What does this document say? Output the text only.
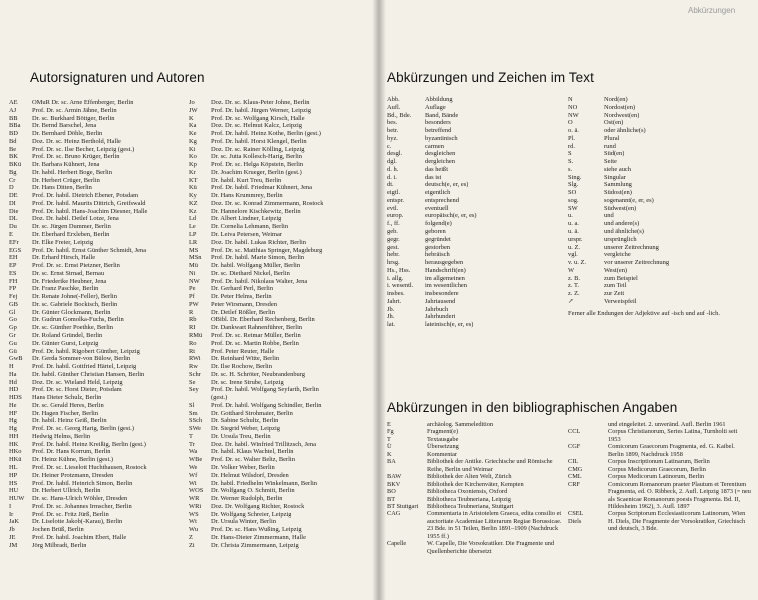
Autorsignaturen und Autoren
AE	OMuR Dr. sc. Arne Effenberger, Berlin
AJ	Prof. Dr. sc. Armin Jähne, Berlin
BB	Dr. sc. Burkhard Böttger, Berlin
BBa	Dr. Bernd Barschel, Jena
BD	Dr. Bernhard Döhle, Berlin
Bd	Doz. Dr. sc. Heinz Berthold, Halle
Be	Prof. Dr. sc. Ilse Becher, Leipzig (gest.)
BK	Prof. Dr. sc. Bruno Krüger, Berlin
BKü	Dr. Barbara Kühnert, Jena
Bg	Dr. habil. Herbert Boge, Berlin
Cr	Dr. Herbert Crüger, Berlin
D	Dr. Hans Ditten, Berlin
DE	Prof. Dr. habil. Dietrich Ebener, Potsdam
DI	Prof. Dr. habil. Maurits Dittrich, Greifswald
Die	Prof. Dr. habil. Hans-Joachim Diesner, Halle
DL	Doz. Dr. habil. Detlef Lotze, Jena
Du	Dr. sc. Jürgen Dummer, Berlin
E	Dr. Eberhard Erxleben, Berlin
EFr	Dr. Elke Freier, Leipzig
EGS	Prof. Dr. habil. Ernst Günther Schmidt, Jena
EH	Dr. Erhard Hirsch, Halle
EP	Prof. Dr. sc. Ernst Pietzner, Berlin
ES	Dr. sc. Ernst Strnad, Bernau
FH	Dr. Friederike Heubner, Jena
FP	Dr. Franz Paschke, Berlin
Fej	Dr. Renate Johne(-Feller), Berlin
GB	Dr. sc. Gabriele Bockisch, Berlin
Gl	Dr. Günter Glockmann, Berlin
Go	Dr. Gudrun Gomolka-Fuchs, Berlin
Gp	Dr. sc. Günther Poethke, Berlin
Gr	Dr. Roland Gründel, Berlin
Gu	Dr. Günter Gurst, Leipzig
Gü	Prof. Dr. habil. Rigobert Günther, Leipzig
GwB	Dr. Gerda Sommer-von Bülow, Berlin
H	Prof. Dr. habil. Gottfried Härtel, Leipzig
Ha	Dr. habil. Günther Christian Hansen, Berlin
Hd	Doz. Dr. sc. Wieland Held, Leipzig
HD	Prof. Dr. sc. Horst Dieter, Potsdam
HDS	Hans Dieter Schulz, Berlin
He	Dr. sc. Gerald Heres, Berlin
HF	Dr. Hagen Fischer, Berlin
Hg	Dr. habil. Heinz Geiß, Berlin
Hg	Prof. Dr. sc. Georg Harig, Berlin (gest.)
HH	Hedwig Helms, Berlin
HK	Prof. Dr. habil. Heinz Kreißig, Berlin (gest.)
HKo	Prof. Dr. Hans Korrum, Berlin
HKü	Dr. Heinz Kühne, Berlin (gest.)
HL	Prof. Dr. sc. Lieselott Huchthausen, Rostock
HP	Dr. Heiner Protzmann, Dresden
HS	Prof. Dr. habil. Heinrich Simon, Berlin
HU	Dr. Herbert Ullrich, Berlin
HUW	Dr. sc. Hans-Ulrich Wöhler, Dresden
I	Prof. Dr. sc. Johannes Irmscher, Berlin
Ir	Prof. Dr. sc. Fritz Jürß, Berlin
JaK	Dr. Liselotte Jakob(-Karau), Berlin
Jb	Jochen Brüß, Berlin
JE	Prof. Dr. habil. Joachim Ebert, Halle
JM	Jörg Milbradt, Berlin
Jo	Doz. Dr. sc. Klaus-Peter Johne, Berlin
JW	Prof. Dr. habil. Jürgen Werner, Leipzig
K	Prof. Dr. sc. Wolfgang Kirsch, Halle
Ka	Doz. Dr. sc. Helmut Kalcz, Leipzig
Ke	Prof. Dr. habil. Heinz Kothe, Berlin (gest.)
Kg	Prof. Dr. habil. Horst Klengel, Berlin
Ki	Doz. Dr. sc. Rainer Kölling, Leipzig
Ko	Dr. sc. Jutta Kollesch-Harig, Berlin
Kp	Prof. Dr. sc. Helga Köpstein, Berlin
Kr	Dr. Joachim Krueger, Berlin (gest.)
KT	Dr. habil. Kurt Treu, Berlin
Kü	Prof. Dr. habil. Friedmar Kühnert, Jena
Ky	Dr. Hans Krummrey, Berlin
KZ	Doz. Dr. sc. Konrad Zimmermann, Rostock
Kz	Dr. Hannelore Kischkewitz, Berlin
Ld	Dr. Albert Lindner, Leipzig
Le	Dr. Cornelia Lehmann, Berlin
LP	Dr. Leiva Petersen, Weimar
LR	Doz. Dr. habil. Lukas Richter, Berlin
MS	Prof. Dr. sc. Matthias Springer, Magdeburg
MSn	Prof. Dr. habil. Marie Simon, Berlin
Mü	Dr. habil. Wolfgang Müller, Berlin
Ni	Dr. sc. Diethard Nickel, Berlin
NW	Prof. Dr. habil. Nikolaus Walter, Jena
Pe	Dr. Gerhard Perl, Berlin
Pf	Dr. Peter Helms, Berlin
PW	Peter Wirsmann, Dresden
R	Dr. Detlef Rößler, Berlin
Rb	OBibl. Dr. Eberhard Rechenberg, Berlin
RI	Dr. Dankwart Rahnenführer, Berlin
RMü	Prof. Dr. sc. Reimar Müller, Berlin
Ro	Prof. Dr. sc. Martin Robbe, Berlin
Rt	Prof. Peter Reuter, Halle
RWi	Dr. Reinhard Witte, Berlin
Rw	Dr. Ilse Rochow, Berlin
Schr	Dr. sc. H. Schröter, Neubrandenburg
Se	Dr. sc. Irene Strube, Leipzig
Sey	Prof. Dr. habil. Wolfgang Seyfarth, Berlin
(gest.)
Sl	Prof. Dr. habil. Wolfgang Schindler, Berlin
Sm	Dr. Gotthard Strohmaier, Berlin
SSch	Dr. Sabine Schultz, Berlin
SWe	Dr. Siegrid Weber, Leipzig
T	Dr. Ursula Treu, Berlin
Tr	Doz. Dr. habil. Winfried Trillitzsch, Jena
Wa	Dr. habil. Klaus Wachtel, Berlin
WBe	Prof. Dr. sc. Walter Beltz, Berlin
We	Dr. Volker Weber, Berlin
Wf	Dr. Helmut Wilsdorf, Dresden
Wi	Dr. habil. Friedhelm Winkelmann, Berlin
WOS	Dr. Wolfgang O. Schmitt, Berlin
WR	Dr. Werner Rudolph, Berlin
WRi	Doz. Dr. Wolfgang Richter, Rostock
WS	Dr. Wolfgang Schreier, Leipzig
Wt	Dr. Ursula Winter, Berlin
Wu	Prof. Dr. sc. Hans Wußing, Leipzig
Z	Dr. Hans-Dieter Zimmermann, Halle
Zi	Dr. Christa Zimmermann, Leipzig
Abkürzungen
Abkürzungen und Zeichen im Text
Abb.	Abbildung
Aufl.	Auflage
Bd., Bde.	Band, Bände
bes.	besonders
betr.	betreffend
byz.	byzantinisch
c.	carmen
desgl.	desgleichen
dgl.	dergleichen
d. h.	das heißt
d. i.	das ist
dt.	deutsch(e, er, es)
eigtl.	eigentlich
entspr.	entsprechend
evtl.	eventuell
europ.	europäisch(e, er, es)
f., ff.	folgend(e)
geb.	geboren
gegr.	gegründet
gest.	gestorben
hebr.	hebräisch
hrsg.	herausgegeben
Hs., Hss.	Handschrift(en)
i. allg.	im allgemeinen
i. wesentl.	im wesentlichen
insbes.	insbesondere
Jahrt.	Jahrtausend
Jb.	Jahrbuch
Jh.	Jahrhundert
lat.	lateinisch(e, er, es)
N	Nord(en)
NO	Nordost(en)
NW	Nordwest(en)
O	Ost(en)
o. ä.	oder ähnliche(s)
Pl.	Plural
rd.	rund
S	Süd(en)
S.	Seite
s.	siehe auch
Sing.	Singular
Slg.	Sammlung
SO	Südost(en)
sog.	sogenannt(e, er, es)
SW	Südwest(en)
u.	und
u. a.	und andere(s)
u. ä.	und ähnliche(s)
urspr.	ursprünglich
u. Z.	unserer Zeitrechnung
vgl.	vergleiche
v. u. Z.	vor unserer Zeitrechnung
W	West(en)
z. B.	zum Beispiel
z. T.	zum Teil
z. Z.	zur Zeit
↗	Verweispfeil
Ferner alle Endungen der Adjektive auf -isch und auf -lich.
Abkürzungen in den bibliographischen Angaben
E	archäolog. Sammeledition
Fg	Fragment(e)
T	Textausgabe
Ü	Übersetzung
K	Kommentar
BA	Bibliothek der Antike. Griechische und Römische Reihe, Berlin und Weimar
BAW	Bibliothek der Alten Welt, Zürich
BKV	Bibliothek der Kirchenväter, Kempten
BO	Bibliotheca Oxoniensis, Oxford
BT	Bibliotheca Teubneriana, Leipzig
BT Stuttgart	Bibliotheca Teubneriana, Stuttgart
CAG	Commentaria in Aristotelem Graeca, edita consilio et auctoritate Academiae Litterarum Regiae Borussicae. 23 Bde. in 51 Teilen, Berlin 1891–1909 (Nachdruck 1955 ff.)
Capelle	W. Capelle, Die Vorsokratiker. Die Fragmente und Quellenberichte übersetzt
und eingeleitet. 2. unveränd. Aufl. Berlin 1961
CCL	Corpus Christianorum, Series Latina, Turnholti seit 1953
CGF	Comicorum Graecorum Fragmenta, ed. G. Kaibel. Berlin 1899, Nachdruck 1958
CIL	Corpus Inscriptionum Latinarum, Berlin
CMG	Corpus Medicorum Graecorum, Berlin
CML	Corpus Medicorum Latinorum, Berlin
CRF	Comicorum Romanorum praeter Plautum et Terentium Fragmenta, ed. O. Ribbeck, 2. Aufl. Leipzig 1873 (= neu als Scaenicae Romanorum poesis Fragmenta. Bd. II, Hildesheim 1962), 3. Aufl. 1897
CSEL	Corpus Scriptorum Ecclesiasticorum Latinorum, Wien
Diels	H. Diels, Die Fragmente der Vorsokratiker, Griechisch und deutsch, 3 Bde.
